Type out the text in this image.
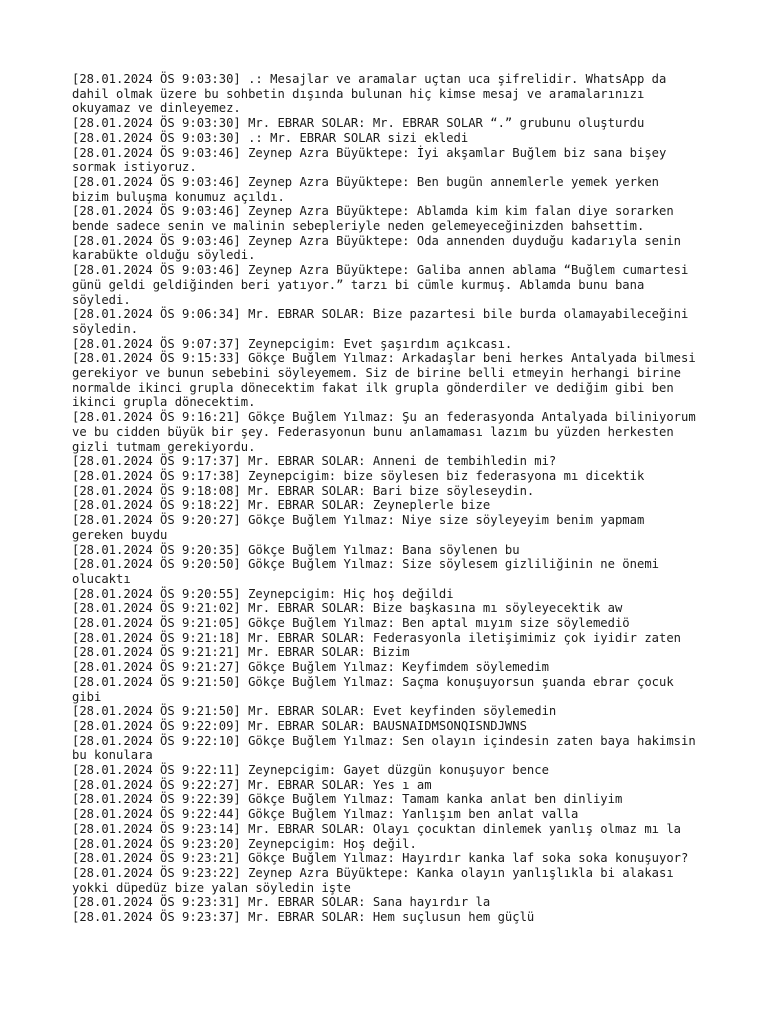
[28.01.2024 ÖS 9:03:30] .: Mesajlar ve aramalar uçtan uca şifrelidir. WhatsApp da dahil olmak üzere bu sohbetin dışında bulunan hiç kimse mesaj ve aramalarınızı okuyamaz ve dinleyemez.

[28.01.2024 ÖS 9:03:30] Mr. EBRAR SOLAR: Mr. EBRAR SOLAR “.” grubunu oluşturdu

[28.01.2024 ÖS 9:03:30] .: Mr. EBRAR SOLAR sizi ekledi

[28.01.2024 ÖS 9:03:46] Zeynep Azra Büyüktepe: İyi akşamlar Buğlem biz sana bişey sormak istiyoruz.

[28.01.2024 ÖS 9:03:46] Zeynep Azra Büyüktepe: Ben bugün annemlerle yemek yerken bizim buluşma konumuz açıldı.

[28.01.2024 ÖS 9:03:46] Zeynep Azra Büyüktepe: Ablamda kim kim falan diye sorarken bende sadece senin ve malinin sebepleriyle neden gelemeyeceğinizden bahsettim.

[28.01.2024 ÖS 9:03:46] Zeynep Azra Büyüktepe: Oda annenden duyduğu kadarıyla senin karabükte olduğu söyledi.

[28.01.2024 ÖS 9:03:46] Zeynep Azra Büyüktepe: Galiba annen ablama “Buğlem cumartesi günü geldi geldiğinden beri yatıyor.” tarzı bi cümle kurmuş. Ablamda bunu bana söyledi.

[28.01.2024 ÖS 9:06:34] Mr. EBRAR SOLAR: Bize pazartesi bile burda olamayabileceğini söyledin.

[28.01.2024 ÖS 9:07:37] Zeynepcigim: Evet şaşırdım açıkcası.

[28.01.2024 ÖS 9:15:33] Gökçe Buğlem Yılmaz: Arkadaşlar beni herkes Antalyada bilmesi gerekiyor ve bunun sebebini söyleyemem. Siz de birine belli etmeyin herhangi birine normalde ikinci grupla dönecektim fakat ilk grupla gönderdiler ve dediğim gibi ben ikinci grupla dönecektim.

[28.01.2024 ÖS 9:16:21] Gökçe Buğlem Yılmaz: Şu an federasyonda Antalyada biliniyorum ve bu cidden büyük bir şey. Federasyonun bunu anlamaması lazım bu yüzden herkesten gizli tutmam gerekiyordu.

[28.01.2024 ÖS 9:17:37] Mr. EBRAR SOLAR: Anneni de tembihledin mi?

[28.01.2024 ÖS 9:17:38] Zeynepcigim: bize söylesen biz federasyona mı dicektik

[28.01.2024 ÖS 9:18:08] Mr. EBRAR SOLAR: Bari bize söyleseydin.

[28.01.2024 ÖS 9:18:22] Mr. EBRAR SOLAR: Zeyneplerle bize

[28.01.2024 ÖS 9:20:27] Gökçe Buğlem Yılmaz: Niye size söyleyeyim benim yapmam gereken buydu

[28.01.2024 ÖS 9:20:35] Gökçe Buğlem Yılmaz: Bana söylenen bu

[28.01.2024 ÖS 9:20:50] Gökçe Buğlem Yılmaz: Size söylesem gizliliğinin ne önemi olucaktı

[28.01.2024 ÖS 9:20:55] Zeynepcigim: Hiç hoş değildi

[28.01.2024 ÖS 9:21:02] Mr. EBRAR SOLAR: Bize başkasına mı söyleyecektik aw

[28.01.2024 ÖS 9:21:05] Gökçe Buğlem Yılmaz: Ben aptal mıyım size söylemediö

[28.01.2024 ÖS 9:21:18] Mr. EBRAR SOLAR: Federasyonla iletişimimiz çok iyidir zaten

[28.01.2024 ÖS 9:21:21] Mr. EBRAR SOLAR: Bizim

[28.01.2024 ÖS 9:21:27] Gökçe Buğlem Yılmaz: Keyfimdem söylemedim

[28.01.2024 ÖS 9:21:50] Gökçe Buğlem Yılmaz: Saçma konuşuyorsun şuanda ebrar çocuk gibi

[28.01.2024 ÖS 9:21:50] Mr. EBRAR SOLAR: Evet keyfinden söylemedin

[28.01.2024 ÖS 9:22:09] Mr. EBRAR SOLAR: BAUSNAIDMSONQISNDJWNS

[28.01.2024 ÖS 9:22:10] Gökçe Buğlem Yılmaz: Sen olayın içindesin zaten baya hakimsin bu konulara

[28.01.2024 ÖS 9:22:11] Zeynepcigim: Gayet düzgün konuşuyor bence

[28.01.2024 ÖS 9:22:27] Mr. EBRAR SOLAR: Yes ı am

[28.01.2024 ÖS 9:22:39] Gökçe Buğlem Yılmaz: Tamam kanka anlat ben dinliyim

[28.01.2024 ÖS 9:22:44] Gökçe Buğlem Yılmaz: Yanlışım ben anlat valla

[28.01.2024 ÖS 9:23:14] Mr. EBRAR SOLAR: Olayı çocuktan dinlemek yanlış olmaz mı la

[28.01.2024 ÖS 9:23:20] Zeynepcigim: Hoş değil.

[28.01.2024 ÖS 9:23:21] Gökçe Buğlem Yılmaz: Hayırdır kanka laf soka soka konuşuyor?

[28.01.2024 ÖS 9:23:22] Zeynep Azra Büyüktepe: Kanka olayın yanlışlıkla bi alakası yokki düpedüz bize yalan söyledin işte

[28.01.2024 ÖS 9:23:31] Mr. EBRAR SOLAR: Sana hayırdır la

[28.01.2024 ÖS 9:23:37] Mr. EBRAR SOLAR: Hem suçlusun hem güçlü
